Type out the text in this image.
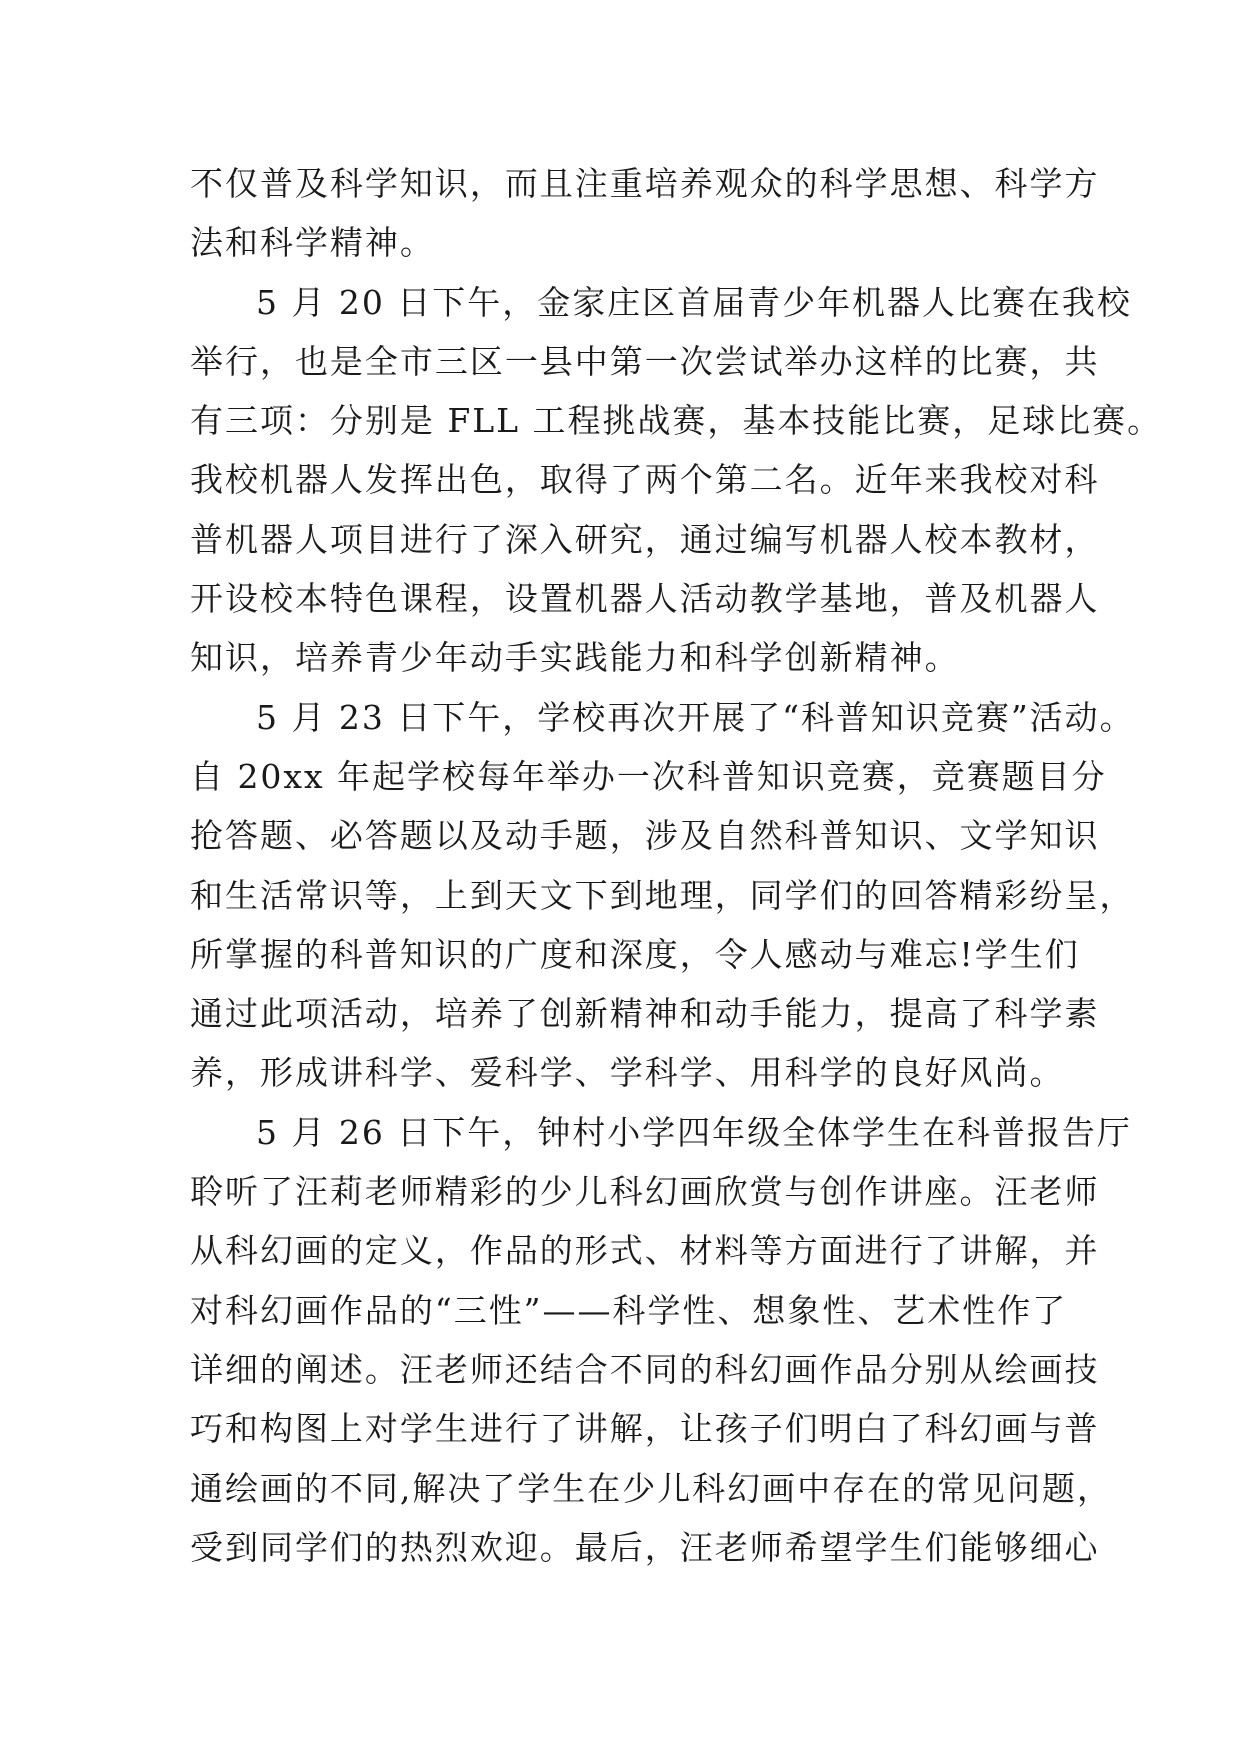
不仅普及科学知识，而且注重培养观众的科学思想、科学方
法和科学精神。
5 月 20 日下午，金家庄区首届青少年机器人比赛在我校
举行，也是全市三区一县中第一次尝试举办这样的比赛，共
有三项：分别是 FLL 工程挑战赛，基本技能比赛，足球比赛。
我校机器人发挥出色，取得了两个第二名。近年来我校对科
普机器人项目进行了深入研究，通过编写机器人校本教材，
开设校本特色课程，设置机器人活动教学基地，普及机器人
知识，培养青少年动手实践能力和科学创新精神。
5 月 23 日下午，学校再次开展了“科普知识竞赛”活动。
自 20xx 年起学校每年举办一次科普知识竞赛，竞赛题目分
抢答题、必答题以及动手题，涉及自然科普知识、文学知识
和生活常识等，上到天文下到地理，同学们的回答精彩纷呈，
所掌握的科普知识的广度和深度，令人感动与难忘!学生们
通过此项活动，培养了创新精神和动手能力，提高了科学素
养，形成讲科学、爱科学、学科学、用科学的良好风尚。
5 月 26 日下午，钟村小学四年级全体学生在科普报告厅
聆听了汪莉老师精彩的少儿科幻画欣赏与创作讲座。汪老师
从科幻画的定义，作品的形式、材料等方面进行了讲解，并
对科幻画作品的“三性”——科学性、想象性、艺术性作了
详细的阐述。汪老师还结合不同的科幻画作品分别从绘画技
巧和构图上对学生进行了讲解，让孩子们明白了科幻画与普
通绘画的不同,解决了学生在少儿科幻画中存在的常见问题，
受到同学们的热烈欢迎。最后，汪老师希望学生们能够细心
